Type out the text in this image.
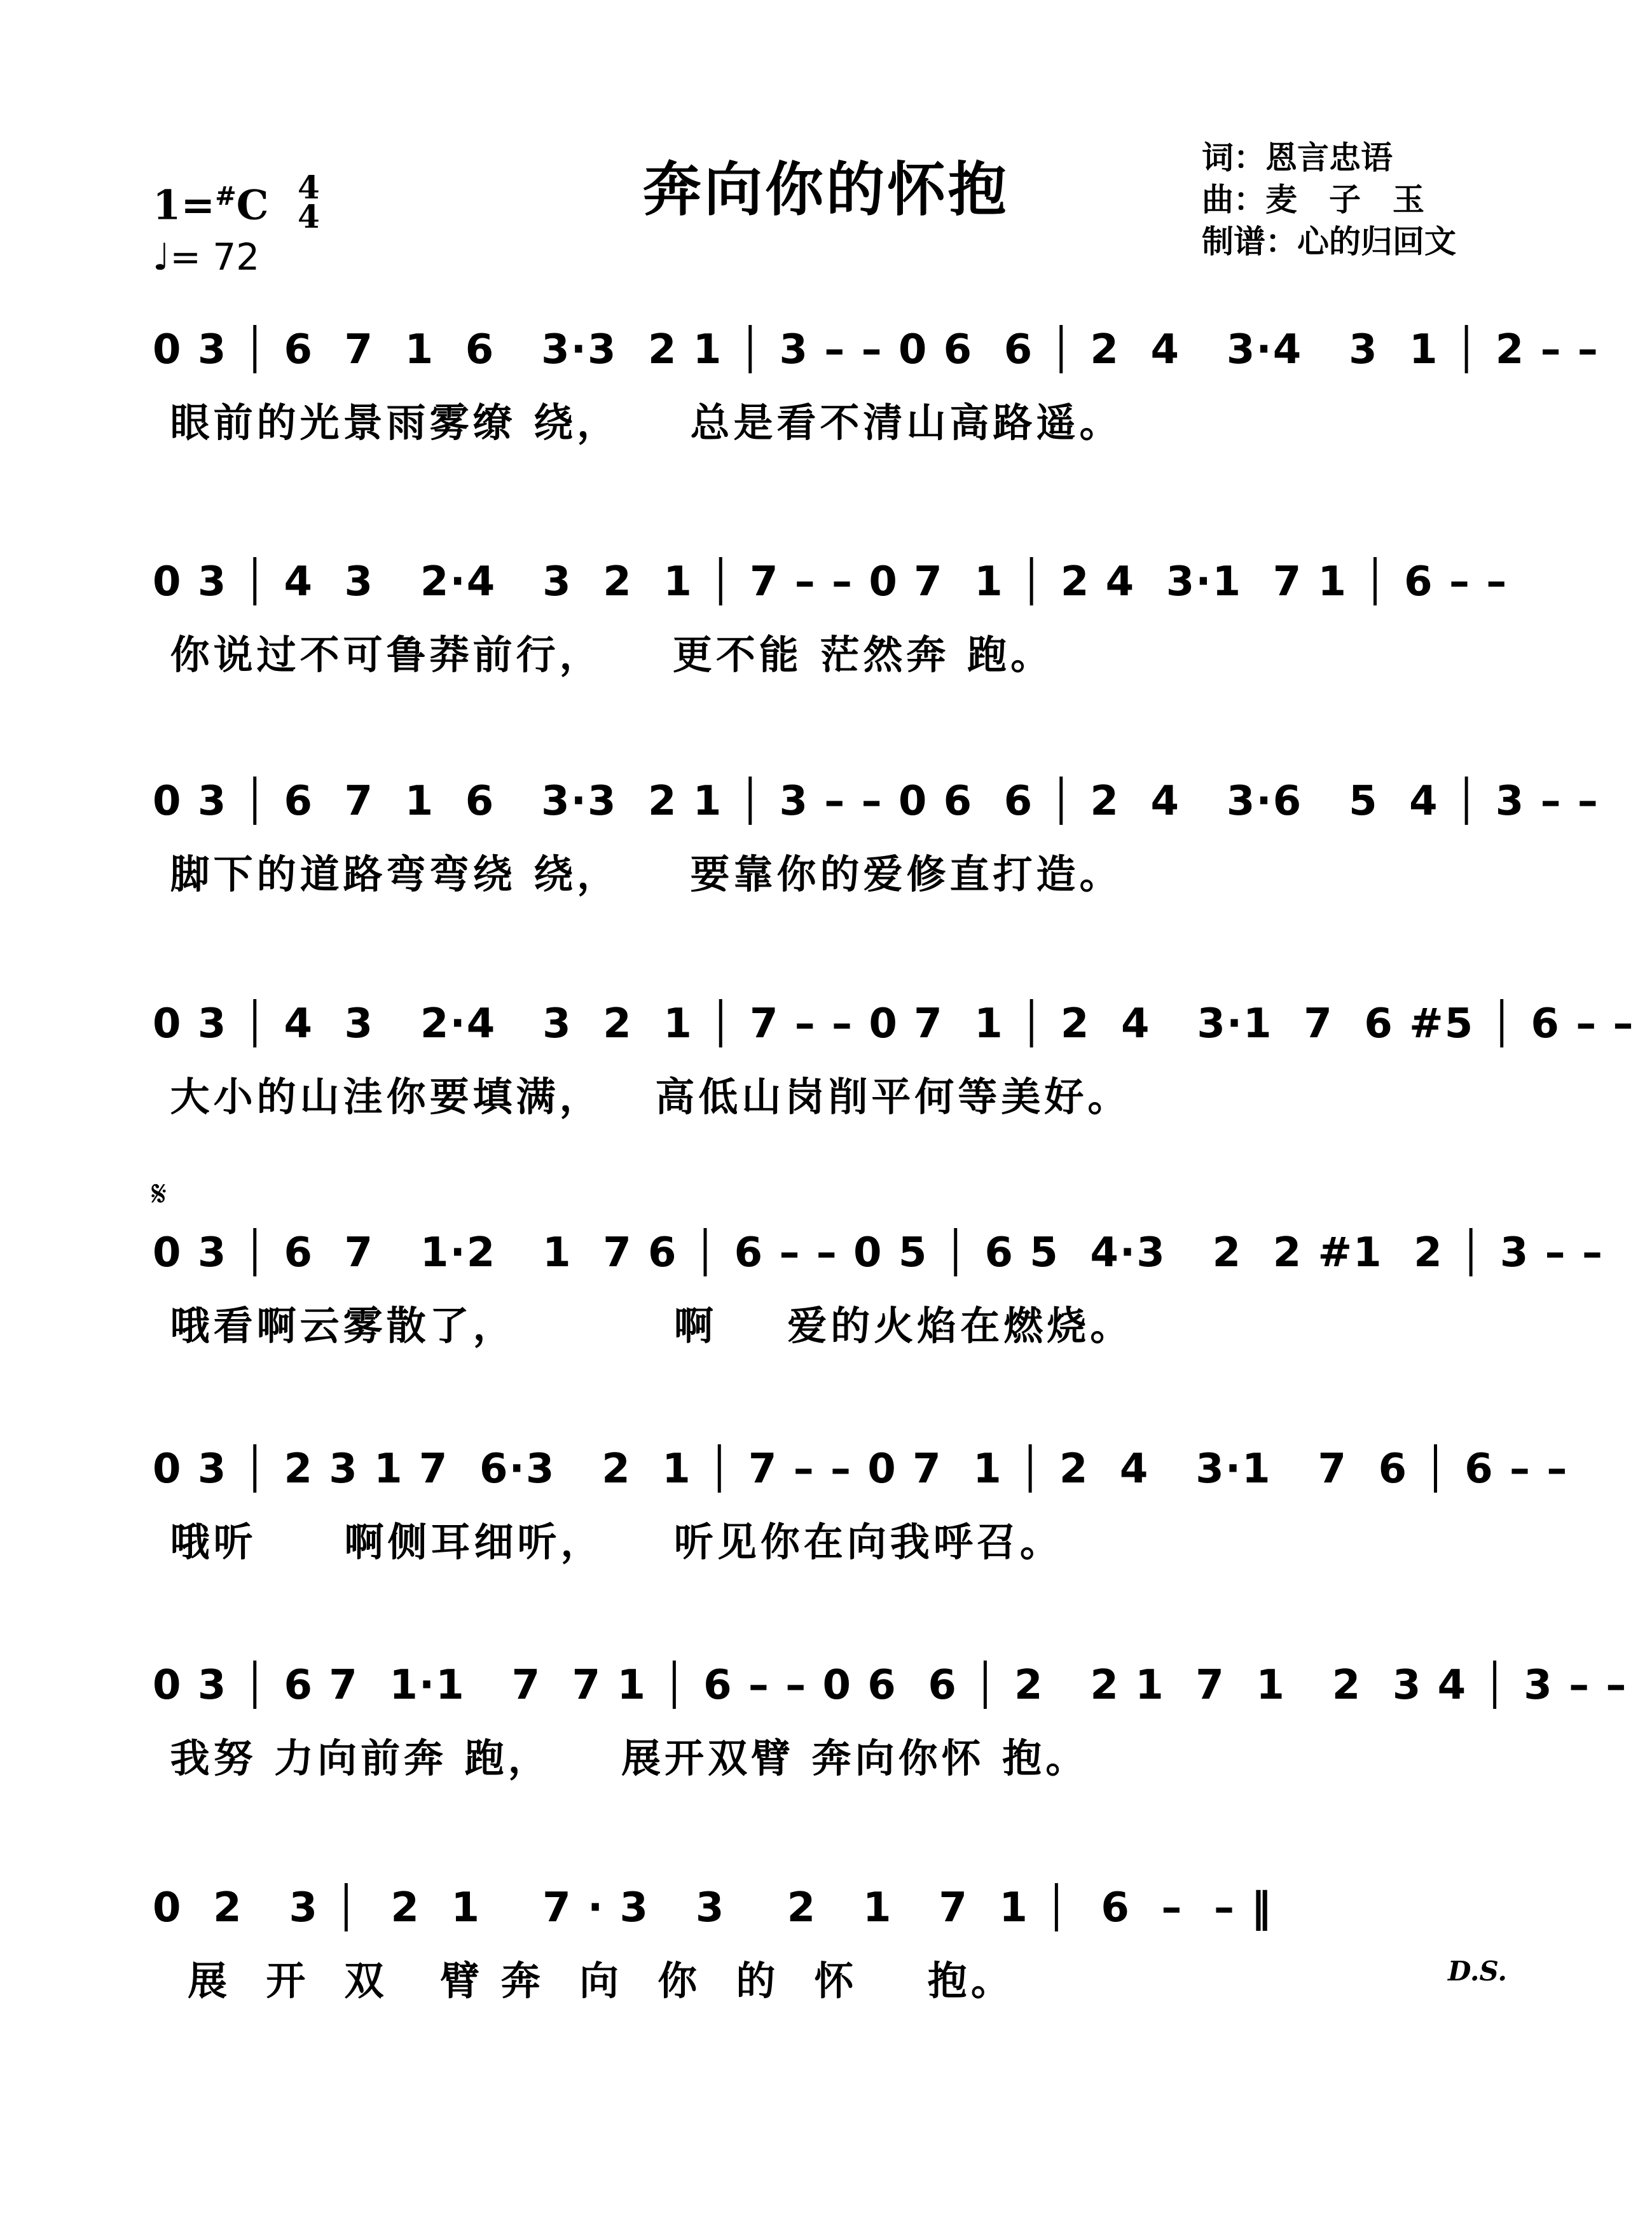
奔向你的怀抱	词：恩言忠语
曲：麦　子　玉
制谱：心的归回文
1=#C 4
4
♩= 72
0 3 │ 6  7  1  6   3·3  2 1 │ 3 – – 0 6  6 │ 2  4   3·4   3  1 │ 2 – –
眼前的光景雨雾缭 绕，    总是看不清山高路遥。
0 3 │ 4  3   2·4   3  2  1 │ 7 – – 0 7  1 │ 2 4  3·1  7 1 │ 6 – –
你说过不可鲁莽前行，    更不能 茫然奔 跑。
0 3 │ 6  7  1  6   3·3  2 1 │ 3 – – 0 6  6 │ 2  4   3·6   5  4 │ 3 – –
脚下的道路弯弯绕 绕，    要靠你的爱修直打造。
0 3 │ 4  3   2·4   3  2  1 │ 7 – – 0 7  1 │ 2  4   3·1  7  6 #5 │ 6 – –
大小的山洼你要填满，   高低山岗削平何等美好。
𝄋
0 3 │ 6  7   1·2   1  7 6 │ 6 – – 0 5 │ 6 5  4·3   2  2 #1  2 │ 3 – –
哦看啊云雾散了，         啊    爱的火焰在燃烧。
0 3 │ 2 3 1 7  6·3   2  1 │ 7 – – 0 7  1 │ 2  4   3·1   7  6 │ 6 – –
哦听     啊侧耳细听，    听见你在向我呼召。
0 3 │ 6 7  1·1   7  7 1 │ 6 – – 0 6  6 │ 2   2 1  7  1   2  3 4 │ 3 – –
我努 力向前奔 跑，    展开双臂 奔向你怀 抱。
0  2   3 │  2  1    7 · 3   3    2   1   7  1 │  6  –  – ‖
展  开  双   臂 奔  向  你  的  怀    抱。	D.S.
